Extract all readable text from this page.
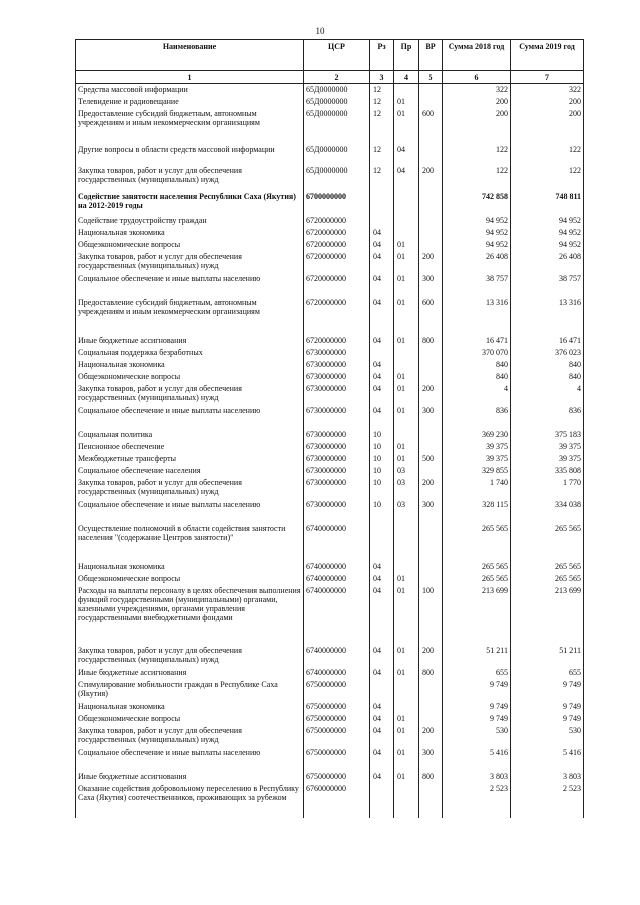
10
Наименование	ЦСР	Рз	Пр	ВР	Сумма 2018 год	Сумма 2019 год
1	2	3	4	5	6	7
Средства массовой информации	65Д0000000	12			322	322
Телевидение и радиовещание	65Д0000000	12	01		200	200
Предоставление субсидий бюджетным, автономным учреждениям и иным некоммерческим организациям	65Д0000000	12	01	600	200	200
Другие вопросы в области средств массовой информации	65Д0000000	12	04		122	122
Закупка товаров, работ и услуг для обеспечения государственных (муниципальных) нужд	65Д0000000	12	04	200	122	122
Содействие занятости населения Республики Саха (Якутия) на 2012-2019 годы	6700000000				742 858	748 811
Содействие трудоустройству граждан	6720000000				94 952	94 952
Национальная экономика	6720000000	04			94 952	94 952
Общеэкономические вопросы	6720000000	04	01		94 952	94 952
Закупка товаров, работ и услуг для обеспечения государственных (муниципальных) нужд	6720000000	04	01	200	26 408	26 408
Социальное обеспечение и иные выплаты населению	6720000000	04	01	300	38 757	38 757
Предоставление субсидий бюджетным, автономным учреждениям и иным некоммерческим организациям	6720000000	04	01	600	13 316	13 316
Иные бюджетные ассигнования	6720000000	04	01	800	16 471	16 471
Социальная поддержка безработных	6730000000				370 070	376 023
Национальная экономика	6730000000	04			840	840
Общеэкономические вопросы	6730000000	04	01		840	840
Закупка товаров, работ и услуг для обеспечения государственных (муниципальных) нужд	6730000000	04	01	200	4	4
Социальное обеспечение и иные выплаты населению	6730000000	04	01	300	836	836
Социальная политика	6730000000	10			369 230	375 183
Пенсионное обеспечение	6730000000	10	01		39 375	39 375
Межбюджетные трансферты	6730000000	10	01	500	39 375	39 375
Социальное обеспечение населения	6730000000	10	03		329 855	335 808
Закупка товаров, работ и услуг для обеспечения государственных (муниципальных) нужд	6730000000	10	03	200	1 740	1 770
Социальное обеспечение и иные выплаты населению	6730000000	10	03	300	328 115	334 038
Осуществление полномочий в области содействия занятости населения "(содержание Центров занятости)"	6740000000				265 565	265 565
Национальная экономика	6740000000	04			265 565	265 565
Общеэкономические вопросы	6740000000	04	01		265 565	265 565
Расходы на выплаты персоналу в целях обеспечения выполнения функций государственными (муниципальными) органами, казенными учреждениями, органами управления государственными внебюджетными фондами	6740000000	04	01	100	213 699	213 699
Закупка товаров, работ и услуг для обеспечения государственных (муниципальных) нужд	6740000000	04	01	200	51 211	51 211
Иные бюджетные ассигнования	6740000000	04	01	800	655	655
Стимулирование мобильности граждан в Республике Саха (Якутия)	6750000000				9 749	9 749
Национальная экономика	6750000000	04			9 749	9 749
Общеэкономические вопросы	6750000000	04	01		9 749	9 749
Закупка товаров, работ и услуг для обеспечения государственных (муниципальных) нужд	6750000000	04	01	200	530	530
Социальное обеспечение и иные выплаты населению	6750000000	04	01	300	5 416	5 416
Иные бюджетные ассигнования	6750000000	04	01	800	3 803	3 803
Оказание содействия добровольному переселению в Республику Саха (Якутия) соотечественников, проживающих за рубежом	6760000000				2 523	2 523
